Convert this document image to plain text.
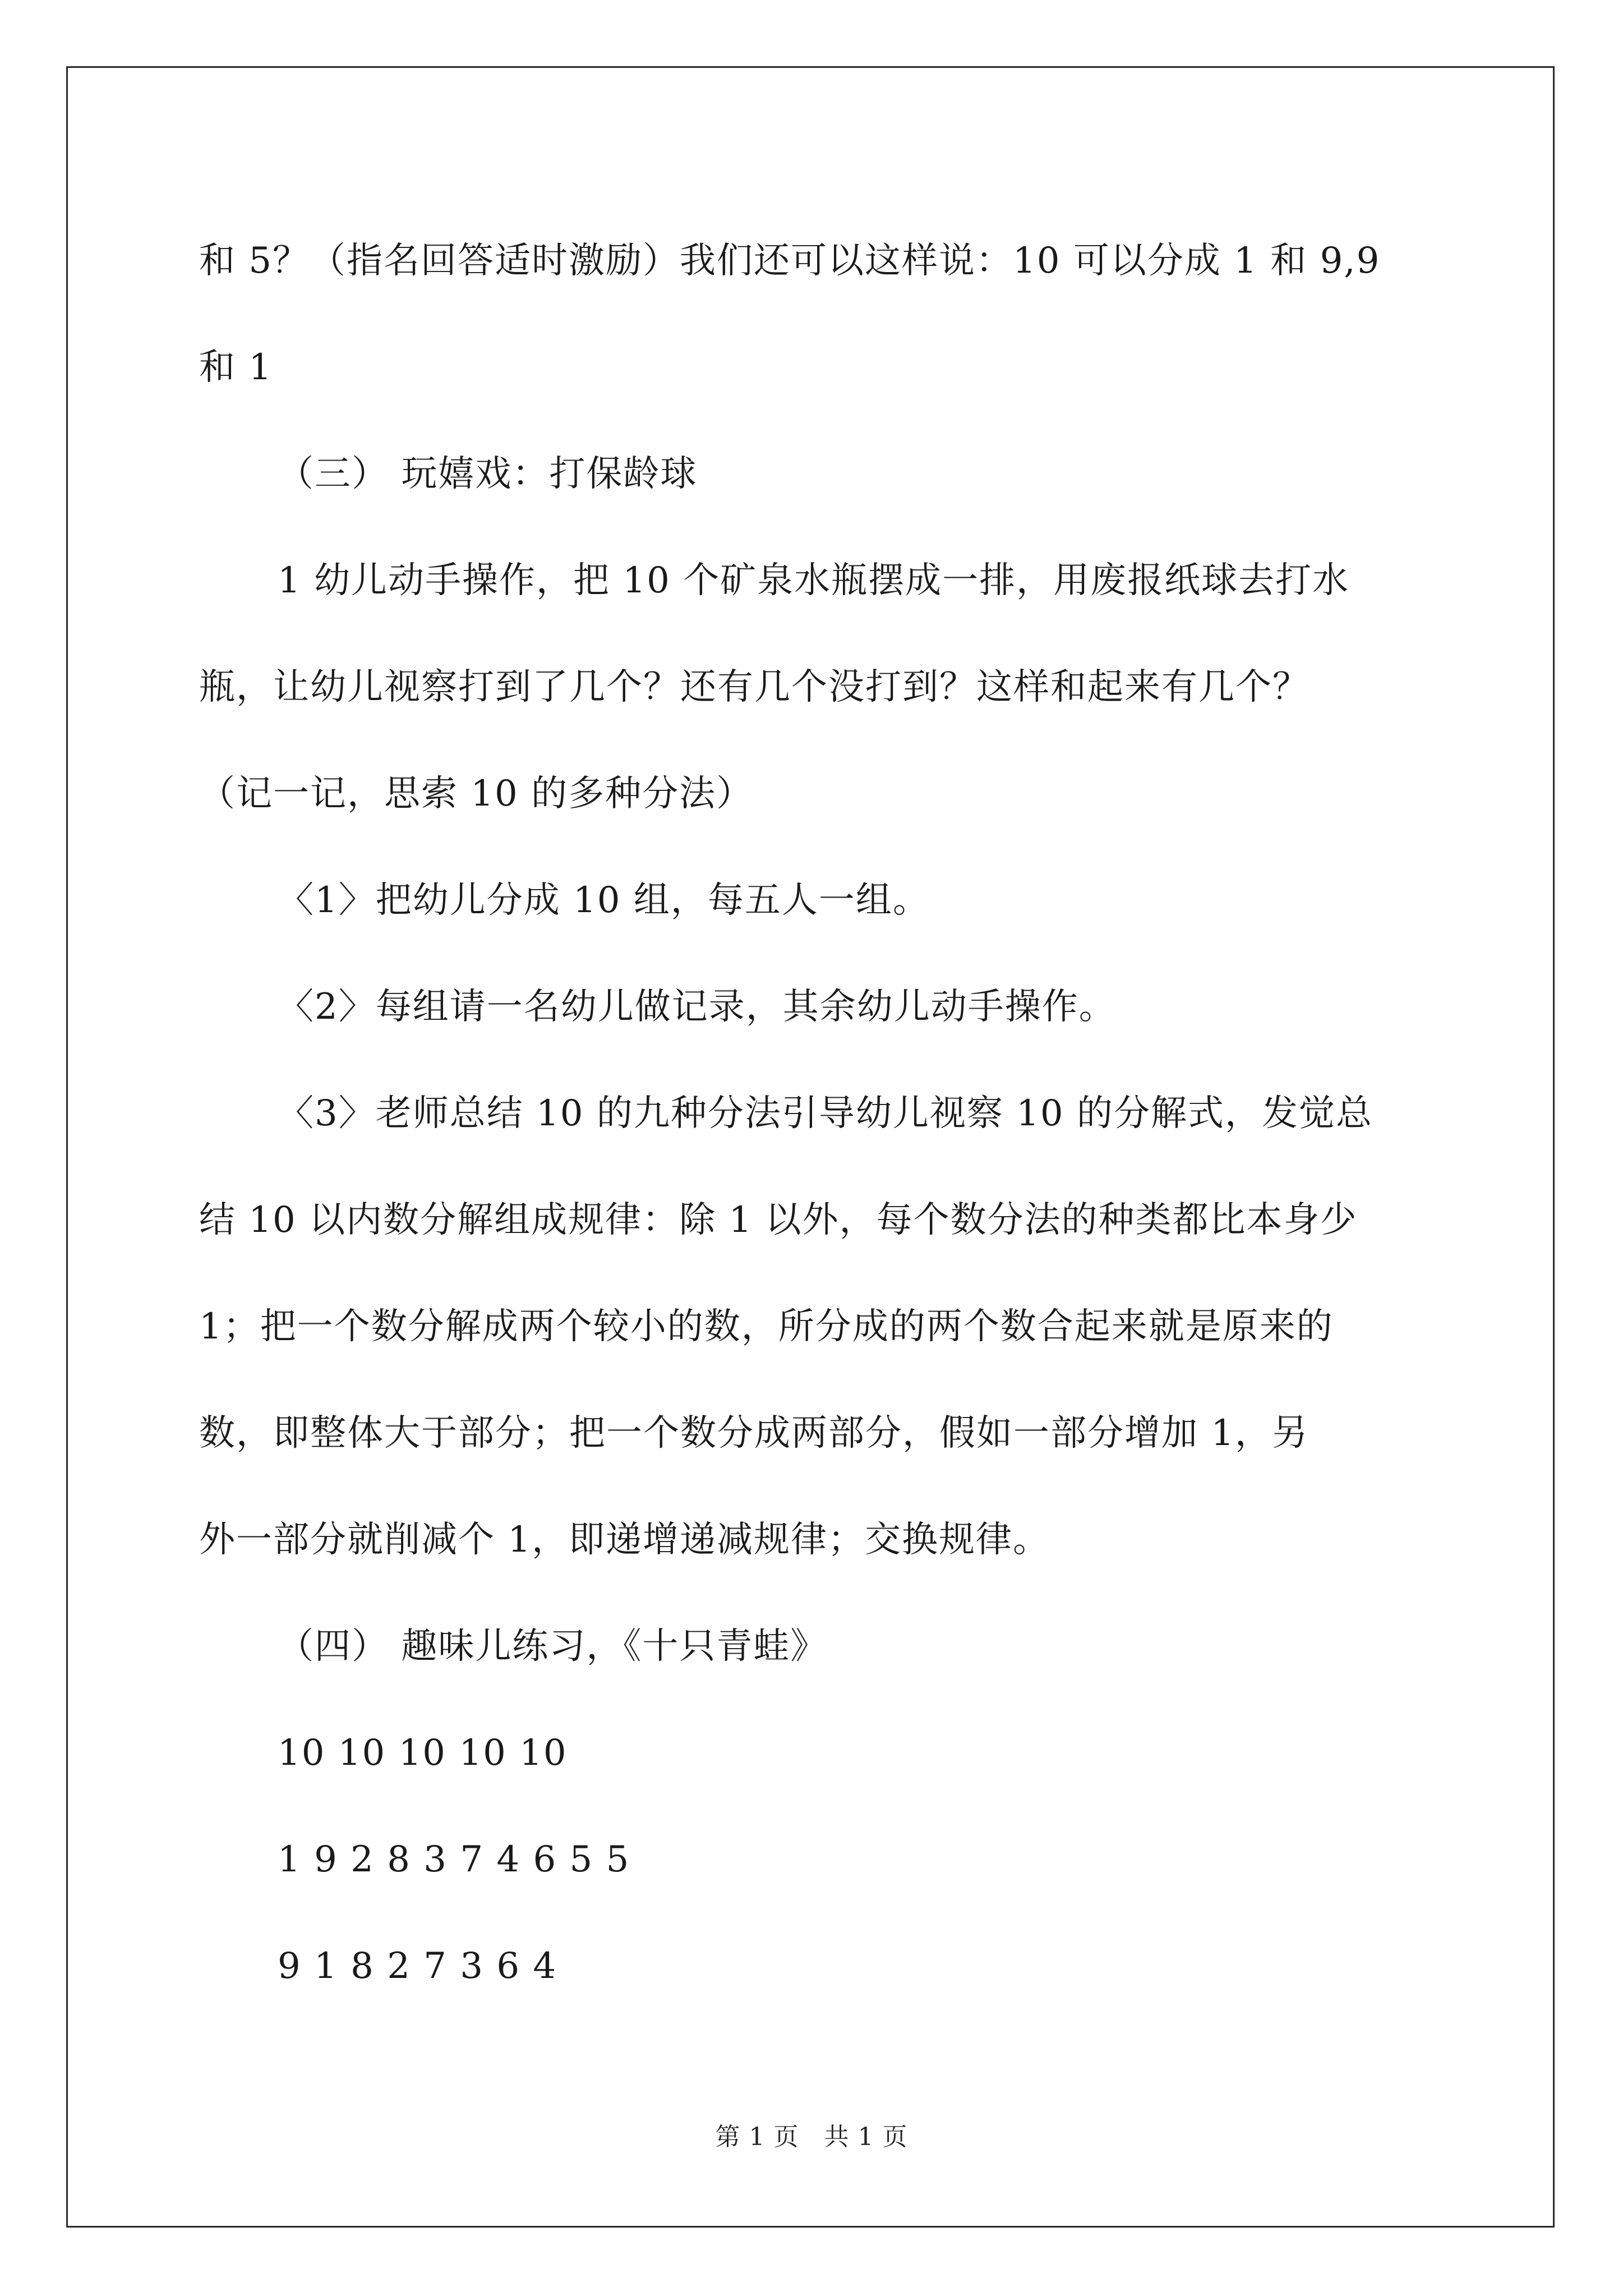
和 5？（指名回答适时激励）我们还可以这样说：10 可以分成 1 和 9,9
和 1
（三） 玩嬉戏：打保龄球
1 幼儿动手操作，把 10 个矿泉水瓶摆成一排，用废报纸球去打水
瓶，让幼儿视察打到了几个？还有几个没打到？这样和起来有几个？
（记一记，思索 10 的多种分法）
〈1〉把幼儿分成 10 组，每五人一组。
〈2〉每组请一名幼儿做记录，其余幼儿动手操作。
〈3〉老师总结 10 的九种分法引导幼儿视察 10 的分解式，发觉总
结 10 以内数分解组成规律：除 1 以外，每个数分法的种类都比本身少
1；把一个数分解成两个较小的数，所分成的两个数合起来就是原来的
数，即整体大于部分；把一个数分成两部分，假如一部分增加 1，另
外一部分就削减个 1，即递增递减规律；交换规律。
（四） 趣味儿练习，《十只青蛙》
10 10 10 10 10
1 9 2 8 3 7 4 6 5 5
9 1 8 2 7 3 6 4
第 1 页　共 1 页
